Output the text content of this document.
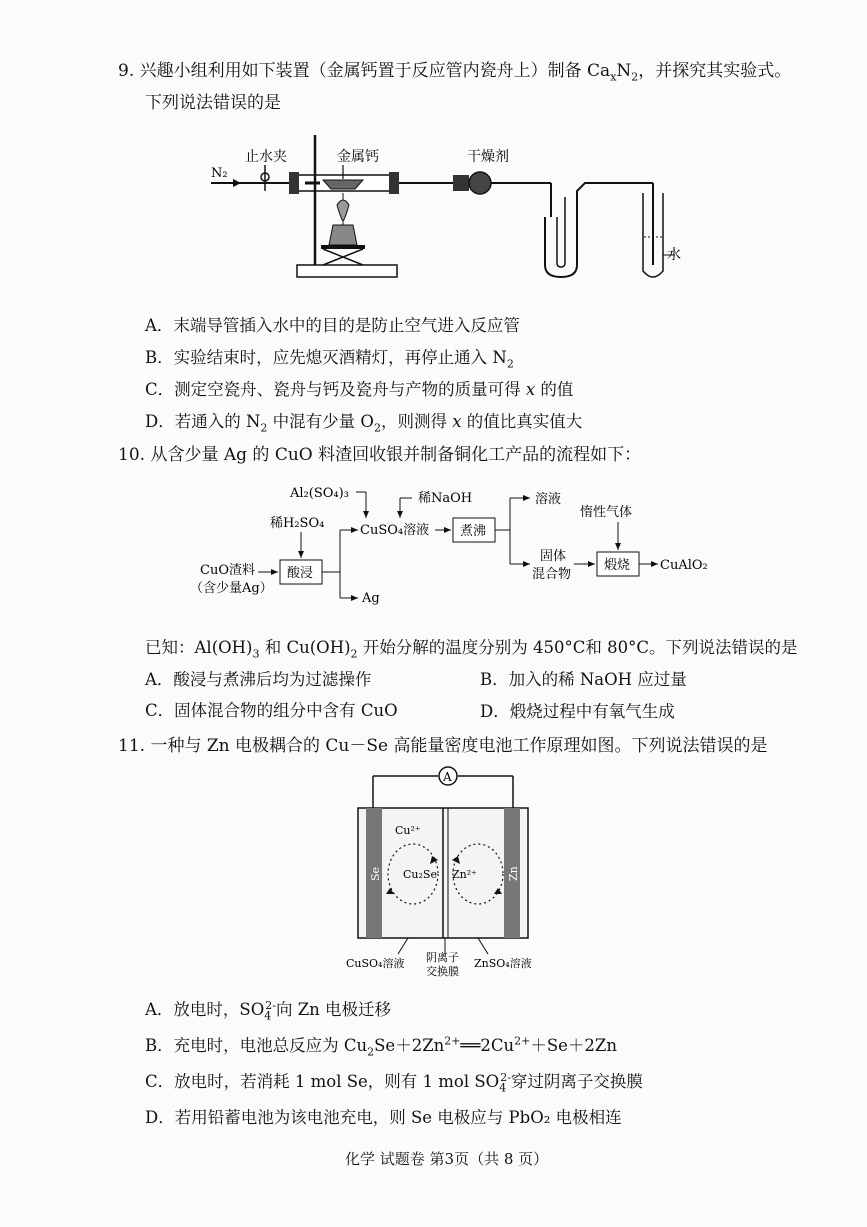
9. 兴趣小组利用如下装置（金属钙置于反应管内瓷舟上）制备 $Ca_xN_2$，并探究其实验式。
下列说法错误的是
止水夹	金属钙	干燥剂
N₂
水
A．末端导管插入水中的目的是防止空气进入反应管
B．实验结束时，应先熄灭酒精灯，再停止通入 $N_2$
C．测定空瓷舟、瓷舟与钙及瓷舟与产物的质量可得 x 的值
D．若通入的 $N_2$ 中混有少量 $O_2$，则测得 x 的值比真实值大
10. 从含少量 Ag 的 CuO 料渣回收银并制备铜化工产品的流程如下：
Al₂(SO₄)₃	稀NaOH
稀H₂SO₄	CuSO₄溶液 煮沸
溶液
惰性气体
固体
混合物
煅烧 CuAlO₂
CuO渣料
（含少量Ag）
酸浸
Ag
已知：$Al(OH)_3$ 和 $Cu(OH)_2$ 开始分解的温度分别为 450°C和 80°C。下列说法错误的是
A．酸浸与煮沸后均为过滤操作	B．加入的稀 NaOH 应过量
C．固体混合物的组分中含有 CuO	D．煅烧过程中有氧气生成
11. 一种与 Zn 电极耦合的 Cu－Se 高能量密度电池工作原理如图。下列说法错误的是
A
Se	Zn
Cu²⁺
Cu₂Se Zn²⁺
CuSO₄溶液 阴离子
交换膜
ZnSO₄溶液
A．放电时，$SO_4^{2-}$向 Zn 电极迁移
B．充电时，电池总反应为 $Cu_2Se+2Zn^{2+}══2Cu^{2+}+Se+2Zn$
C．放电时，若消耗 1 mol Se，则有 1 mol $SO_4^{2-}$穿过阴离子交换膜
D．若用铅蓄电池为该电池充电，则 Se 电极应与 PbO₂ 电极相连
化学 试题卷 第3页（共 8 页）
